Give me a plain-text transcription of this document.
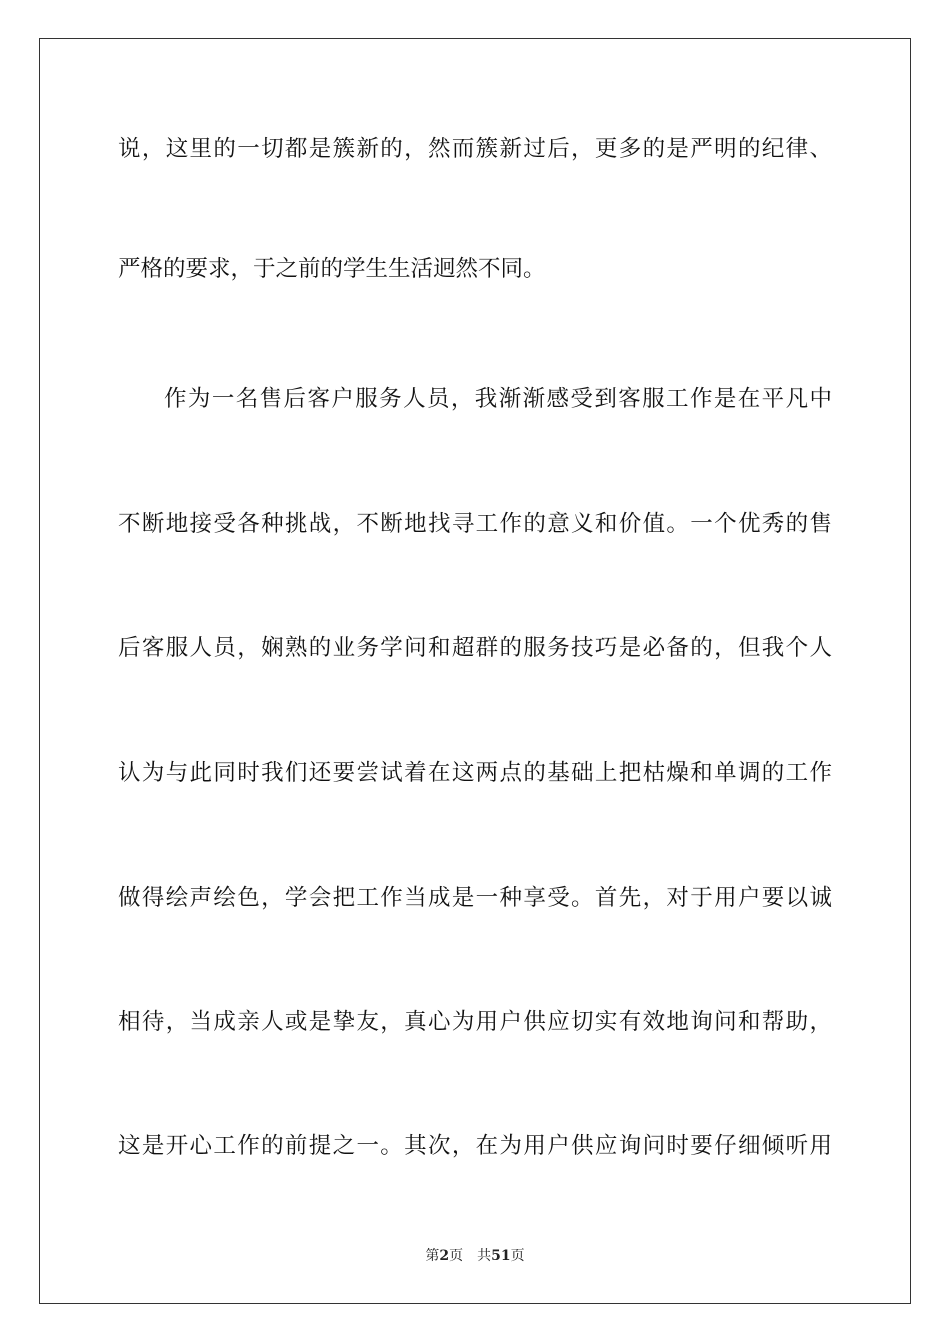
说，这里的一切都是簇新的，然而簇新过后，更多的是严明的纪律、
严格的要求，于之前的学生生活迥然不同。
作为一名售后客户服务人员，我渐渐感受到客服工作是在平凡中
不断地接受各种挑战，不断地找寻工作的意义和价值。一个优秀的售
后客服人员，娴熟的业务学问和超群的服务技巧是必备的，但我个人
认为与此同时我们还要尝试着在这两点的基础上把枯燥和单调的工作
做得绘声绘色，学会把工作当成是一种享受。首先，对于用户要以诚
相待，当成亲人或是挚友，真心为用户供应切实有效地询问和帮助，
这是开心工作的前提之一。其次，在为用户供应询问时要仔细倾听用
第2页 共51页
